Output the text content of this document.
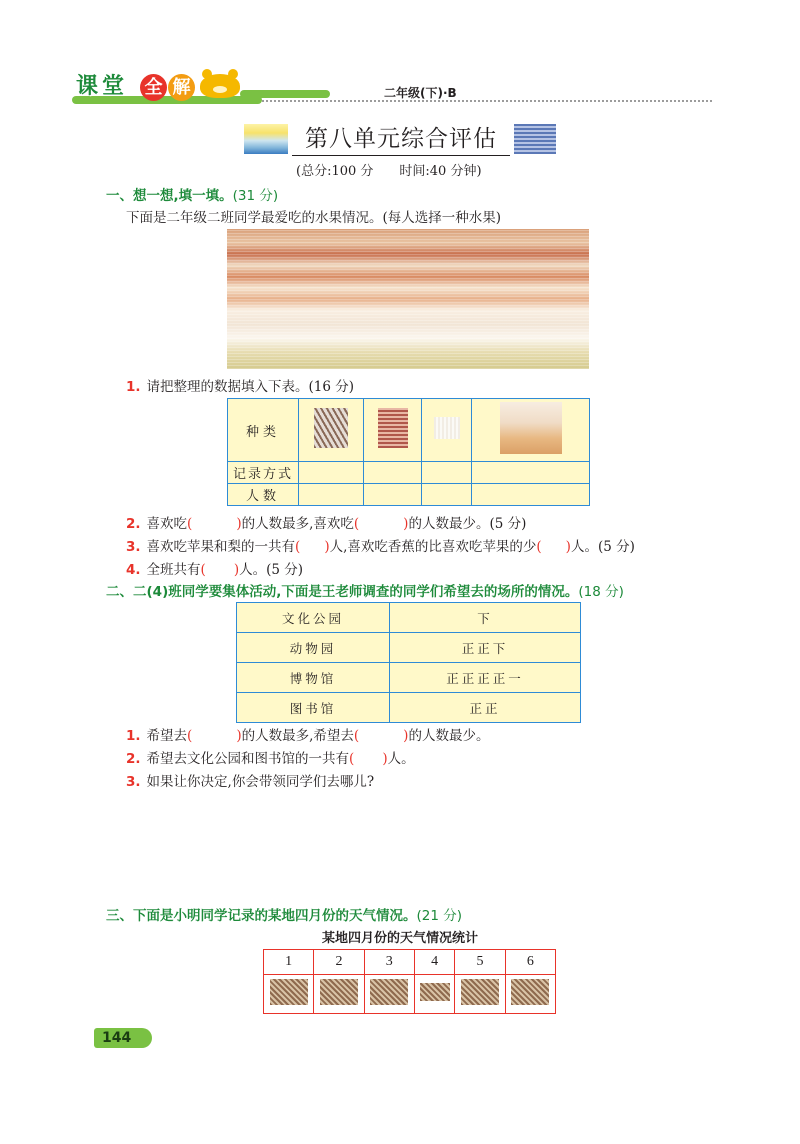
课 堂 全 解	二年级(下)·B
第八单元综合评估
(总分:100 分　　时间:40 分钟)
一、想一想,填一填。(31 分)
下面是二年级二班同学最爱吃的水果情况。(每人选择一种水果)
1. 请把整理的数据填入下表。(16 分)
种类				
记录方式				
人数				
2. 喜欢吃(	)的人数最多,喜欢吃(	)的人数最少。(5 分)
3. 喜欢吃苹果和梨的一共有( )人,喜欢吃香蕉的比喜欢吃苹果的少( )人。(5 分)
4. 全班共有( )人。(5 分)
二、二(4)班同学要集体活动,下面是王老师调查的同学们希望去的场所的情况。(18 分)
文化公园	下
动物园	正正下
博物馆	正正正正一
图书馆	正正
1. 希望去(	)的人数最多,希望去(	)的人数最少。
2. 希望去文化公园和图书馆的一共有( )人。
3. 如果让你决定,你会带领同学们去哪儿?
三、下面是小明同学记录的某地四月份的天气情况。(21 分)
某地四月份的天气情况统计
1	2	3	4	5	6

144
